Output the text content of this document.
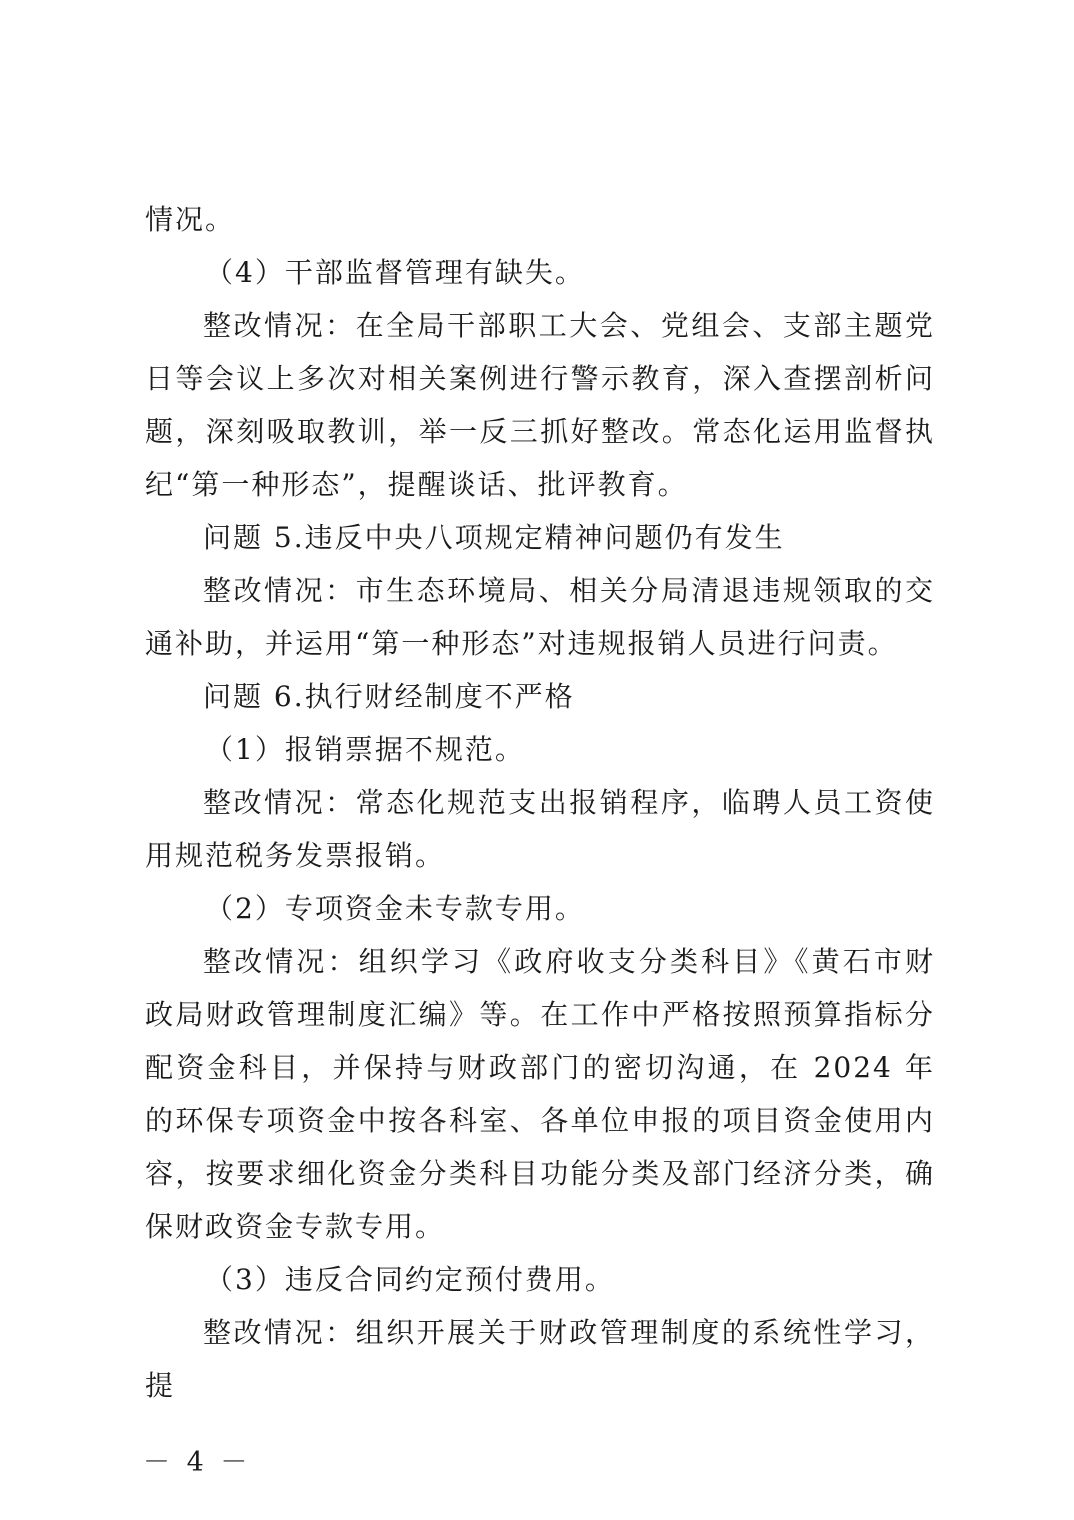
情况。

（4）干部监督管理有缺失。

整改情况：在全局干部职工大会、党组会、支部主题党日等会议上多次对相关案例进行警示教育，深入查摆剖析问题，深刻吸取教训，举一反三抓好整改。常态化运用监督执纪“第一种形态”，提醒谈话、批评教育。

问题 5.违反中央八项规定精神问题仍有发生

整改情况：市生态环境局、相关分局清退违规领取的交通补助，并运用“第一种形态”对违规报销人员进行问责。

问题 6.执行财经制度不严格

（1）报销票据不规范。

整改情况：常态化规范支出报销程序，临聘人员工资使用规范税务发票报销。

（2）专项资金未专款专用。

整改情况：组织学习《政府收支分类科目》《黄石市财政局财政管理制度汇编》等。在工作中严格按照预算指标分配资金科目，并保持与财政部门的密切沟通，在 2024 年的环保专项资金中按各科室、各单位申报的项目资金使用内容，按要求细化资金分类科目功能分类及部门经济分类，确保财政资金专款专用。

（3）违反合同约定预付费用。

整改情况：组织开展关于财政管理制度的系统性学习，提

－ 4 －
